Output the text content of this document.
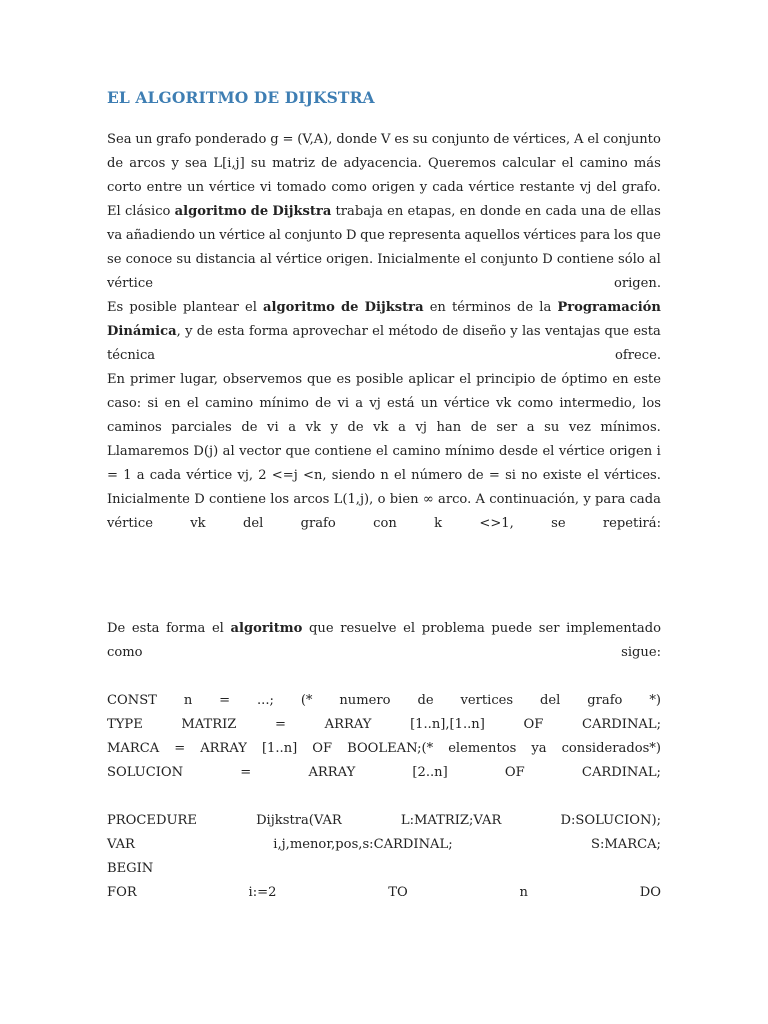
EL ALGORITMO DE DIJKSTRA
Sea un grafo ponderado g = (V,A), donde V es su conjunto de vértices, A el conjunto
de arcos y sea L[i,j] su matriz de adyacencia. Queremos calcular el camino más
corto entre un vértice vi tomado como origen y cada vértice restante vj del grafo.
El clásico algoritmo de Dijkstra trabaja en etapas, en donde en cada una de ellas
va añadiendo un vértice al conjunto D que representa aquellos vértices para los que
se conoce su distancia al vértice origen. Inicialmente el conjunto D contiene sólo al
vértice	origen.
Es posible plantear el algoritmo de Dijkstra en términos de la Programación
Dinámica, y de esta forma aprovechar el método de diseño y las ventajas que esta
técnica	ofrece.
En primer lugar, observemos que es posible aplicar el principio de óptimo en este
caso: si en el camino mínimo de vi a vj está un vértice vk como intermedio, los
caminos parciales de vi a vk y de vk a vj han de ser a su vez mínimos.
Llamaremos D(j) al vector que contiene el camino mínimo desde el vértice origen i
= 1 a cada vértice vj, 2 <=j <n, siendo n el número de = si no existe el vértices.
Inicialmente D contiene los arcos L(1,j), o bien ∞ arco. A continuación, y para cada
vértice	vk	del	grafo	con	k	<>1,	se	repetirá:
De esta forma el algoritmo que resuelve el problema puede ser implementado
como	sigue:
CONST n = ...; (* numero de vertices del grafo *)
TYPE	MATRIZ	=	ARRAY	[1..n],[1..n]	OF	CARDINAL;
MARCA = ARRAY [1..n] OF BOOLEAN;(* elementos ya considerados*)
SOLUCION	=	ARRAY	[2..n]	OF	CARDINAL;
PROCEDURE	Dijkstra(VAR	L:MATRIZ;VAR	D:SOLUCION);
VAR	i,j,menor,pos,s:CARDINAL;	S:MARCA;
BEGIN
FOR	i:=2	TO	n	DO
